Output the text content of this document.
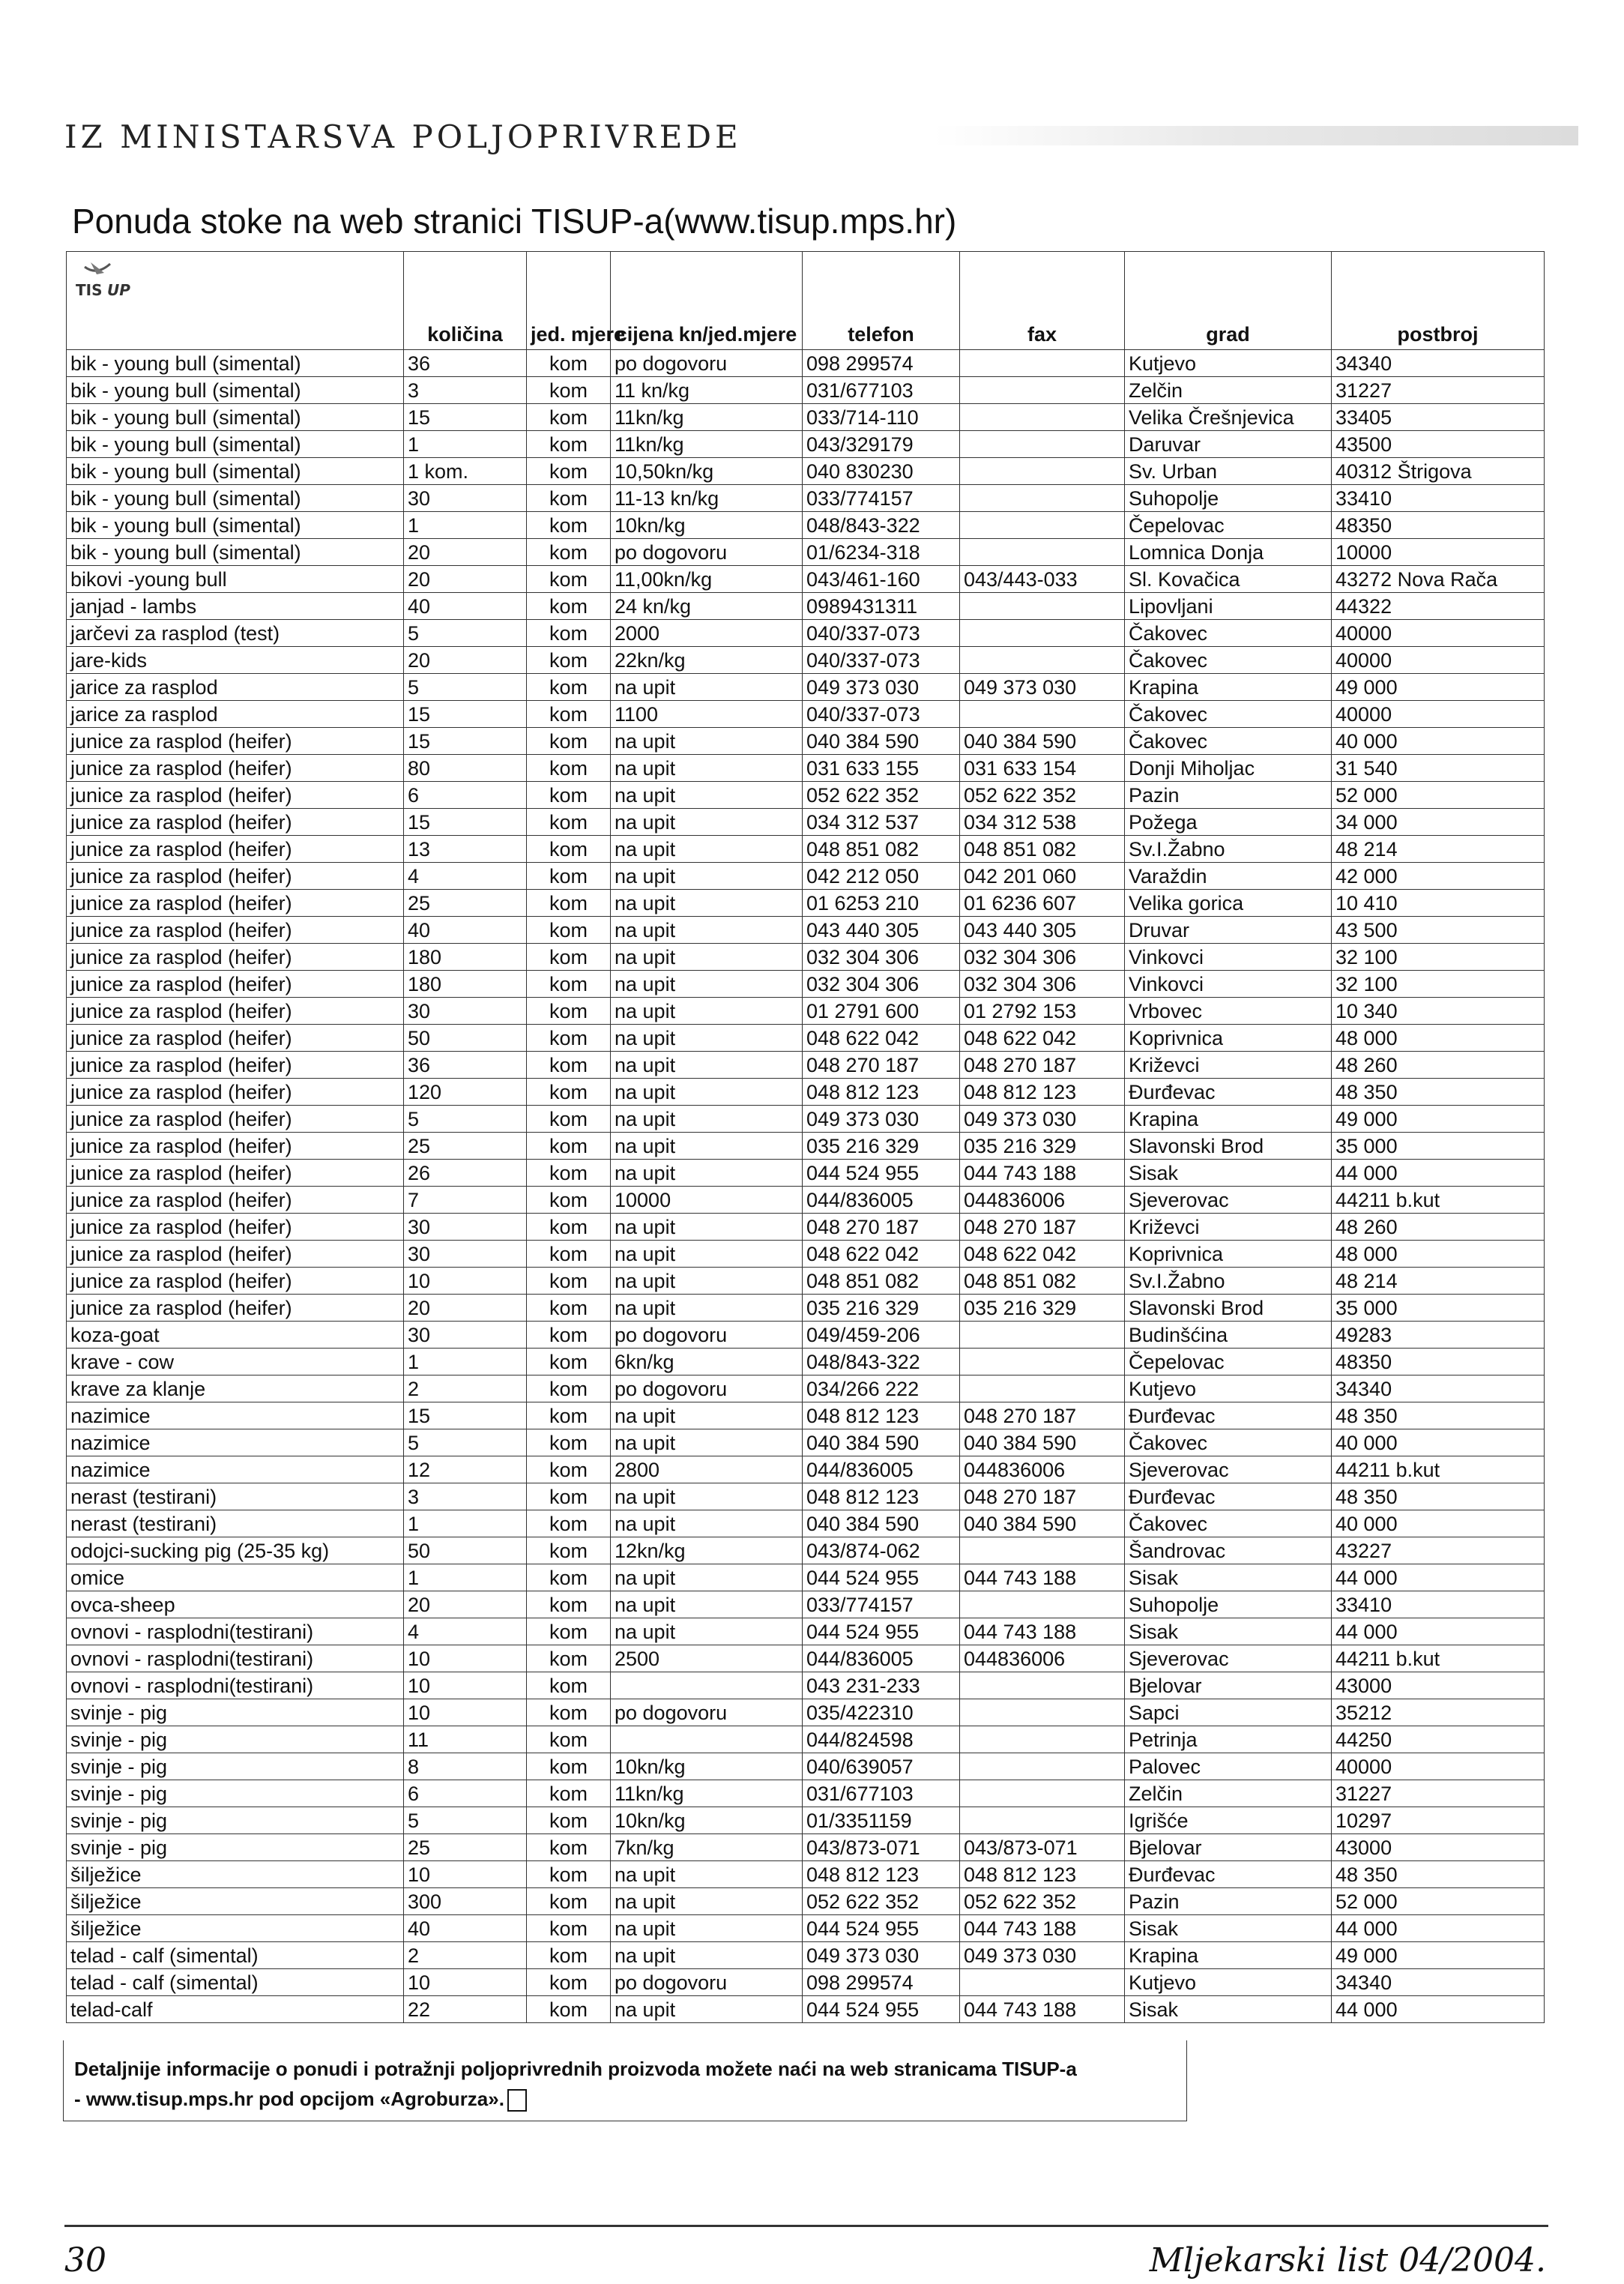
IZ MINISTARSVA POLJOPRIVREDE
Ponuda stoke na web stranici TISUP-a(www.tisup.mps.hr)
TIS UP	količina	jed. mjere	cijena kn/jed.mjere	telefon	fax	grad	postbroj
bik - young bull (simental)	36	kom	po dogovoru	098 299574		Kutjevo	34340
bik - young bull (simental)	3	kom	11 kn/kg	031/677103		Zelčin	31227
bik - young bull (simental)	15	kom	11kn/kg	033/714-110		Velika Črešnjevica	33405
bik - young bull (simental)	1	kom	11kn/kg	043/329179		Daruvar	43500
bik - young bull (simental)	1 kom.	kom	10,50kn/kg	040 830230		Sv. Urban	40312 Štrigova
bik - young bull (simental)	30	kom	11-13 kn/kg	033/774157		Suhopolje	33410
bik - young bull (simental)	1	kom	10kn/kg	048/843-322		Čepelovac	48350
bik - young bull (simental)	20	kom	po dogovoru	01/6234-318		Lomnica Donja	10000
bikovi -young bull	20	kom	11,00kn/kg	043/461-160	043/443-033	Sl. Kovačica	43272 Nova Rača
janjad - lambs	40	kom	24 kn/kg	0989431311		Lipovljani	44322
jarčevi za rasplod (test)	5	kom	2000	040/337-073		Čakovec	40000
jare-kids	20	kom	22kn/kg	040/337-073		Čakovec	40000
jarice za rasplod	5	kom	na upit	049 373 030	049 373 030	Krapina	49 000
jarice za rasplod	15	kom	1100	040/337-073		Čakovec	40000
junice za rasplod (heifer)	15	kom	na upit	040 384 590	040 384 590	Čakovec	40 000
junice za rasplod (heifer)	80	kom	na upit	031 633 155	031 633 154	Donji Miholjac	31 540
junice za rasplod (heifer)	6	kom	na upit	052 622 352	052 622 352	Pazin	52 000
junice za rasplod (heifer)	15	kom	na upit	034 312 537	034 312 538	Požega	34 000
junice za rasplod (heifer)	13	kom	na upit	048 851 082	048 851 082	Sv.I.Žabno	48 214
junice za rasplod (heifer)	4	kom	na upit	042 212 050	042 201 060	Varaždin	42 000
junice za rasplod (heifer)	25	kom	na upit	01 6253 210	01 6236 607	Velika gorica	10 410
junice za rasplod (heifer)	40	kom	na upit	043 440 305	043 440 305	Druvar	43 500
junice za rasplod (heifer)	180	kom	na upit	032 304 306	032 304 306	Vinkovci	32 100
junice za rasplod (heifer)	180	kom	na upit	032 304 306	032 304 306	Vinkovci	32 100
junice za rasplod (heifer)	30	kom	na upit	01 2791 600	01 2792 153	Vrbovec	10 340
junice za rasplod (heifer)	50	kom	na upit	048 622 042	048 622 042	Koprivnica	48 000
junice za rasplod (heifer)	36	kom	na upit	048 270 187	048 270 187	Križevci	48 260
junice za rasplod (heifer)	120	kom	na upit	048 812 123	048 812 123	Đurđevac	48 350
junice za rasplod (heifer)	5	kom	na upit	049 373 030	049 373 030	Krapina	49 000
junice za rasplod (heifer)	25	kom	na upit	035 216 329	035 216 329	Slavonski Brod	35 000
junice za rasplod (heifer)	26	kom	na upit	044 524 955	044 743 188	Sisak	44 000
junice za rasplod (heifer)	7	kom	10000	044/836005	044836006	Sjeverovac	44211 b.kut
junice za rasplod (heifer)	30	kom	na upit	048 270 187	048 270 187	Križevci	48 260
junice za rasplod (heifer)	30	kom	na upit	048 622 042	048 622 042	Koprivnica	48 000
junice za rasplod (heifer)	10	kom	na upit	048 851 082	048 851 082	Sv.I.Žabno	48 214
junice za rasplod (heifer)	20	kom	na upit	035 216 329	035 216 329	Slavonski Brod	35 000
koza-goat	30	kom	po dogovoru	049/459-206		Budinšćina	49283
krave - cow	1	kom	6kn/kg	048/843-322		Čepelovac	48350
krave za klanje	2	kom	po dogovoru	034/266 222		Kutjevo	34340
nazimice	15	kom	na upit	048 812 123	048 270 187	Đurđevac	48 350
nazimice	5	kom	na upit	040 384 590	040 384 590	Čakovec	40 000
nazimice	12	kom	2800	044/836005	044836006	Sjeverovac	44211 b.kut
nerast (testirani)	3	kom	na upit	048 812 123	048 270 187	Đurđevac	48 350
nerast (testirani)	1	kom	na upit	040 384 590	040 384 590	Čakovec	40 000
odojci-sucking pig (25-35 kg)	50	kom	12kn/kg	043/874-062		Šandrovac	43227
omice	1	kom	na upit	044 524 955	044 743 188	Sisak	44 000
ovca-sheep	20	kom	na upit	033/774157		Suhopolje	33410
ovnovi - rasplodni(testirani)	4	kom	na upit	044 524 955	044 743 188	Sisak	44 000
ovnovi - rasplodni(testirani)	10	kom	2500	044/836005	044836006	Sjeverovac	44211 b.kut
ovnovi - rasplodni(testirani)	10	kom		043 231-233		Bjelovar	43000
svinje - pig	10	kom	po dogovoru	035/422310		Sapci	35212
svinje - pig	11	kom		044/824598		Petrinja	44250
svinje - pig	8	kom	10kn/kg	040/639057		Palovec	40000
svinje - pig	6	kom	11kn/kg	031/677103		Zelčin	31227
svinje - pig	5	kom	10kn/kg	01/3351159		Igrišće	10297
svinje - pig	25	kom	7kn/kg	043/873-071	043/873-071	Bjelovar	43000
šilježice	10	kom	na upit	048 812 123	048 812 123	Đurđevac	48 350
šilježice	300	kom	na upit	052 622 352	052 622 352	Pazin	52 000
šilježice	40	kom	na upit	044 524 955	044 743 188	Sisak	44 000
telad - calf (simental)	2	kom	na upit	049 373 030	049 373 030	Krapina	49 000
telad - calf (simental)	10	kom	po dogovoru	098 299574		Kutjevo	34340
telad-calf	22	kom	na upit	044 524 955	044 743 188	Sisak	44 000
Detaljnije informacije o ponudi i potražnji poljoprivrednih proizvoda možete naći na web stranicama TISUP-a
- www.tisup.mps.hr pod opcijom «Agroburza».
30	Mljekarski list 04/2004.
